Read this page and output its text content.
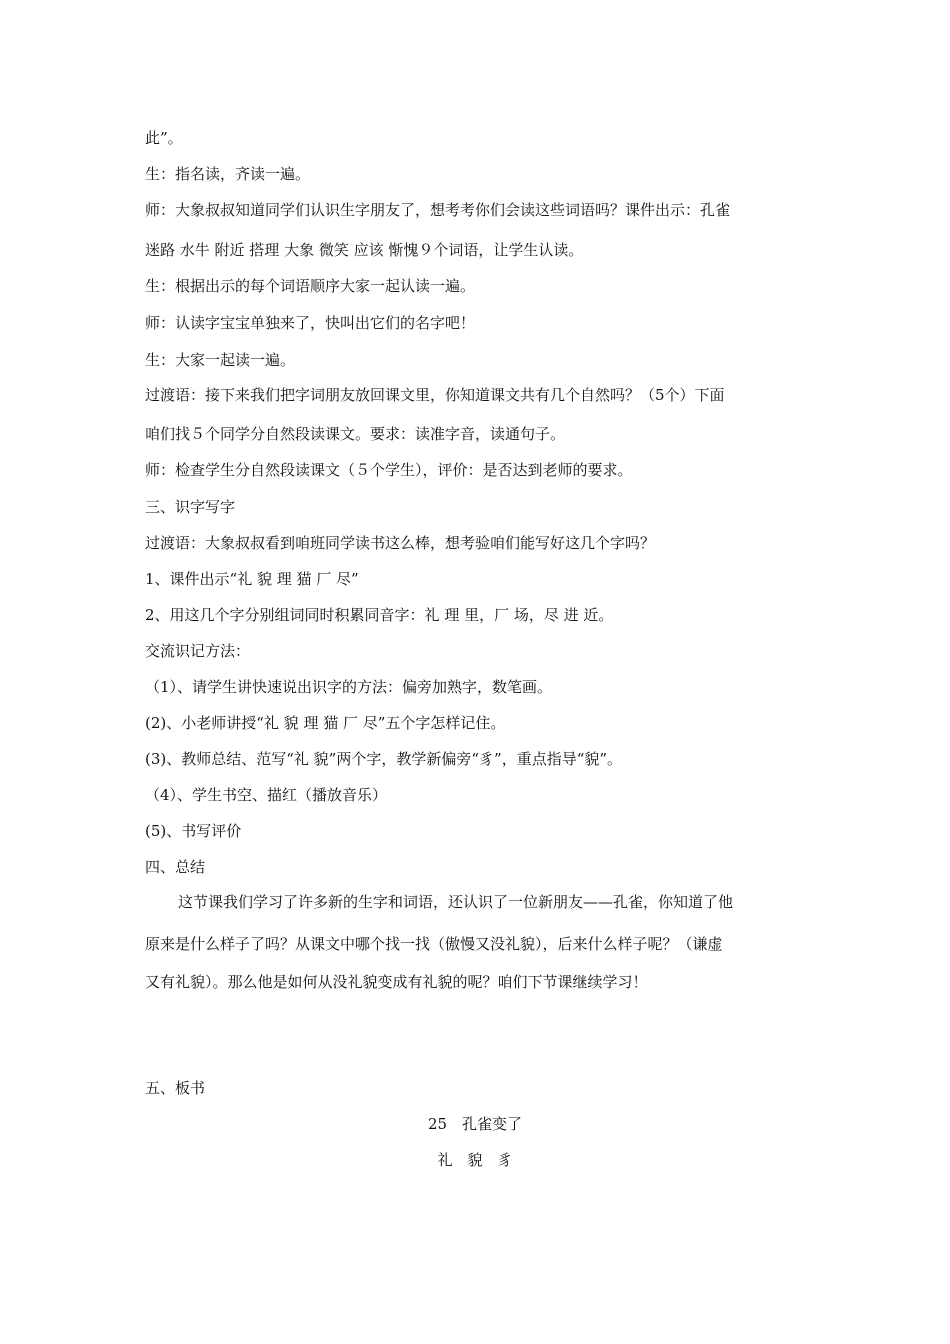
此”。
生：指名读，齐读一遍。
师：大象叔叔知道同学们认识生字朋友了，想考考你们会读这些词语吗？课件出示：孔雀
迷路 水牛 附近 搭理 大象 微笑 应该 惭愧９个词语，让学生认读。
生：根据出示的每个词语顺序大家一起认读一遍。
师：认读字宝宝单独来了，快叫出它们的名字吧！
生：大家一起读一遍。
过渡语：接下来我们把字词朋友放回课文里，你知道课文共有几个自然吗？（5个）下面
咱们找５个同学分自然段读课文。要求：读准字音，读通句子。
师：检查学生分自然段读课文（５个学生），评价：是否达到老师的要求。
三、识字写字
过渡语：大象叔叔看到咱班同学读书这么棒，想考验咱们能写好这几个字吗？
1、课件出示“礼 貌 理 猫 厂 尽”
2、用这几个字分别组词同时积累同音字：礼 理 里，厂 场，尽 进 近。
交流识记方法：
（1）、请学生讲快速说出识字的方法：偏旁加熟字，数笔画。
(2)、小老师讲授“礼 貌 理 猫 厂 尽”五个字怎样记住。
(3)、教师总结、范写“礼 貌”两个字，教学新偏旁“豸”，重点指导“貌”。
（4）、学生书空、描红（播放音乐）
(5)、书写评价
四、总结
这节课我们学习了许多新的生字和词语，还认识了一位新朋友——孔雀，你知道了他
原来是什么样子了吗？从课文中哪个找一找（傲慢又没礼貌），后来什么样子呢？（谦虚
又有礼貌）。那么他是如何从没礼貌变成有礼貌的呢？咱们下节课继续学习！
五、板书
25　孔雀变了
礼　貌　豸
